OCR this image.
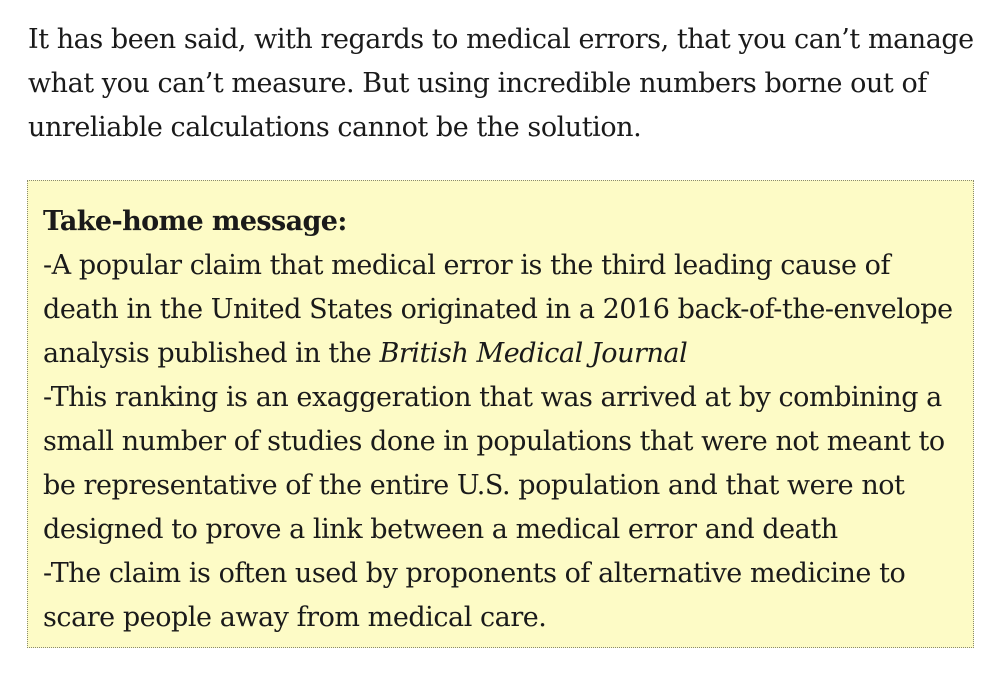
It has been said, with regards to medical errors, that you can’t manage what you can’t measure. But using incredible numbers borne out of unreliable calculations cannot be the solution.

Take-home message:

-A popular claim that medical error is the third leading cause of death in the United States originated in a 2016 back-of-the-envelope analysis published in the British Medical Journal

-This ranking is an exaggeration that was arrived at by combining a small number of studies done in populations that were not meant to be representative of the entire U.S. population and that were not designed to prove a link between a medical error and death

-The claim is often used by proponents of alternative medicine to scare people away from medical care.
